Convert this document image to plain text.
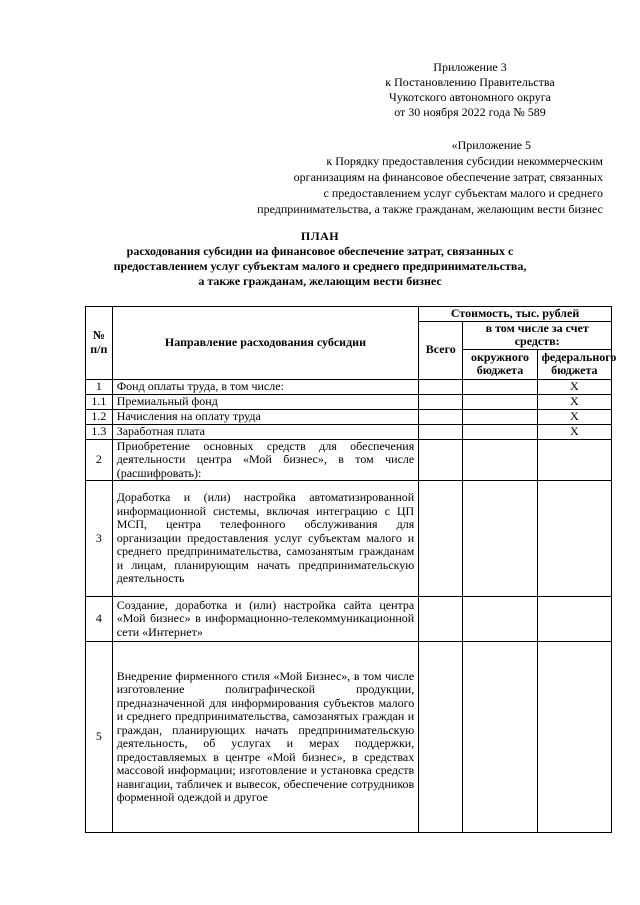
Приложение 3
к Постановлению Правительства
Чукотского автономного округа
от 30 ноября 2022 года № 589
«Приложение 5
к Порядку предоставления субсидии некоммерческим
организациям на финансовое обеспечение затрат, связанных
с предоставлением услуг субъектам малого и среднего
предпринимательства, а также гражданам, желающим вести бизнес
ПЛАН
расходования субсидии на финансовое обеспечение затрат, связанных с
предоставлением услуг субъектам малого и среднего предпринимательства,
а также гражданам, желающим вести бизнес
№ п/п	Направление расходования субсидии	Стоимость, тыс. рублей		
		Всего	в том числе за счет средств:	
			окружного бюджета	федерального бюджета
1	Фонд оплаты труда, в том числе:			X
1.1	Премиальный фонд			X
1.2	Начисления на оплату труда			X
1.3	Заработная плата			X
2	Приобретение основных средств для обеспечения деятельности центра «Мой бизнес», в том числе (расшифровать):			
3	Доработка и (или) настройка автоматизированной информационной системы, включая интеграцию с ЦП МСП, центра телефонного обслуживания для организации предоставления услуг субъектам малого и среднего предпринимательства, самозанятым гражданам и лицам, планирующим начать предпринимательскую деятельность			
4	Создание, доработка и (или) настройка сайта центра «Мой бизнес» в информационно-телекоммуникационной сети «Интернет»			
5	Внедрение фирменного стиля «Мой Бизнес», в том числе изготовление полиграфической продукции, предназначенной для информирования субъектов малого и среднего предпринимательства, самозанятых граждан и граждан, планирующих начать предпринимательскую деятельность, об услугах и мерах поддержки, предоставляемых в центре «Мой бизнес», в средствах массовой информации; изготовление и установка средств навигации, табличек и вывесок, обеспечение сотрудников форменной одеждой и другое			
